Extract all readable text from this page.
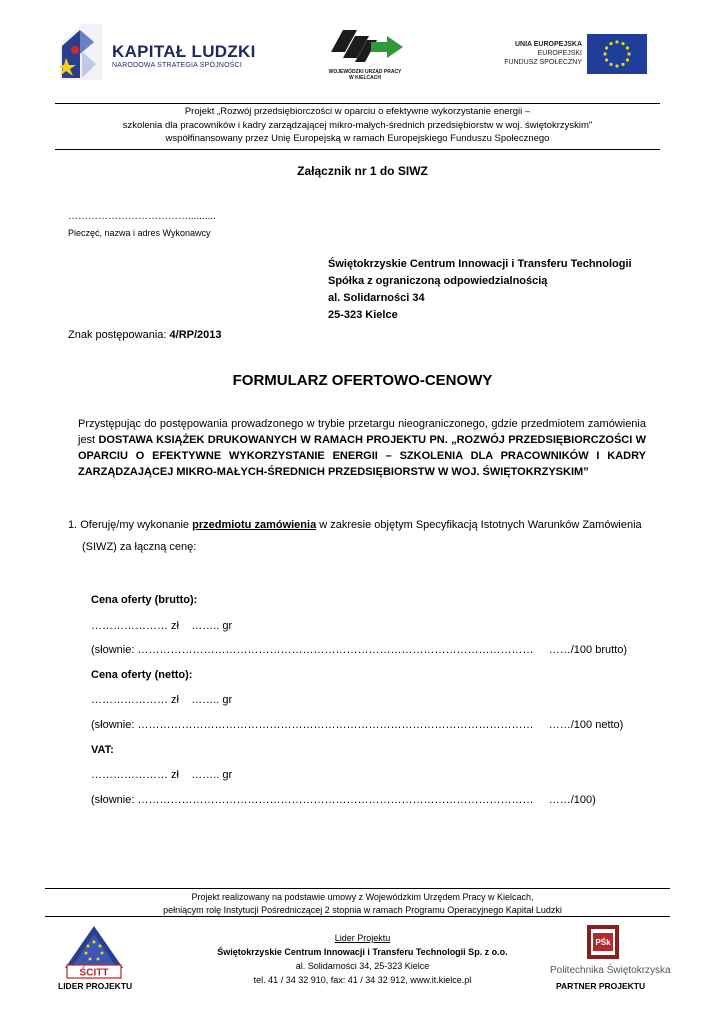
KAPITAŁ LUDZKI
NARODOWA STRATEGIA SPÓJNOŚCI
WOJEWÓDZKI URZĄD PRACY
W KIELCACH
UNIA EUROPEJSKA
EUROPEJSKI
FUNDUSZ SPOŁECZNY
Projekt „Rozwój przedsiębiorczości w oparciu o efektywne wykorzystanie energii –
szkolenia dla pracowników i kadry zarządzającej mikro-małych-średnich przedsiębiorstw w woj. świętokrzyskim"
współfinansowany przez Unię Europejską w ramach Europejskiego Funduszu Społecznego
Załącznik nr 1 do SIWZ
………………………………..........
Pieczęć, nazwa i adres Wykonawcy
Świętokrzyskie Centrum Innowacji i Transferu Technologii
Spółka z ograniczoną odpowiedzialnością
al. Solidarności 34
25-323 Kielce
Znak postępowania: 4/RP/2013
FORMULARZ OFERTOWO-CENOWY
Przystępując do postępowania prowadzonego w trybie przetargu nieograniczonego, gdzie przedmiotem zamówienia jest DOSTAWA KSIĄŻEK DRUKOWANYCH W RAMACH PROJEKTU PN. „ROZWÓJ PRZEDSIĘBIORCZOŚCI W OPARCIU O EFEKTYWNE WYKORZYSTANIE ENERGII – SZKOLENIA DLA PRACOWNIKÓW I KADRY ZARZĄDZAJĄCEJ MIKRO-MAŁYCH-ŚREDNICH PRZEDSIĘBIORSTW W WOJ. ŚWIĘTOKRZYSKIM”
1. Oferuję/my wykonanie przedmiotu zamówienia w zakresie objętym Specyfikacją Istotnych Warunków Zamówienia
(SIWZ) za łączną cenę:
Cena oferty (brutto):
………………… zł    …….. gr
(słownie: ………………………………………………………………………………………………     ……/100 brutto)
Cena oferty (netto):
………………… zł    …….. gr
(słownie: ………………………………………………………………………………………………     ……/100 netto)
VAT:
………………… zł    …….. gr
(słownie: ………………………………………………………………………………………………     ……/100)
Projekt realizowany na podstawie umowy z Wojewódzkim Urzędem Pracy w Kielcach,
pełniącym rolę Instytucji Pośredniczącej 2 stopnia w ramach Programu Operacyjnego Kapitał Ludzki
Lider Projektu
Świętokrzyskie Centrum Innowacji i Transferu Technologii Sp. z o.o.
al. Solidarności 34, 25-323 Kielce
tel. 41 / 34 32 910, fax: 41 / 34 32 912, www.it.kielce.pl
ŚCITT
LIDER PROJEKTU
PŚk
Politechnika Świętokrzyska
PARTNER PROJEKTU
